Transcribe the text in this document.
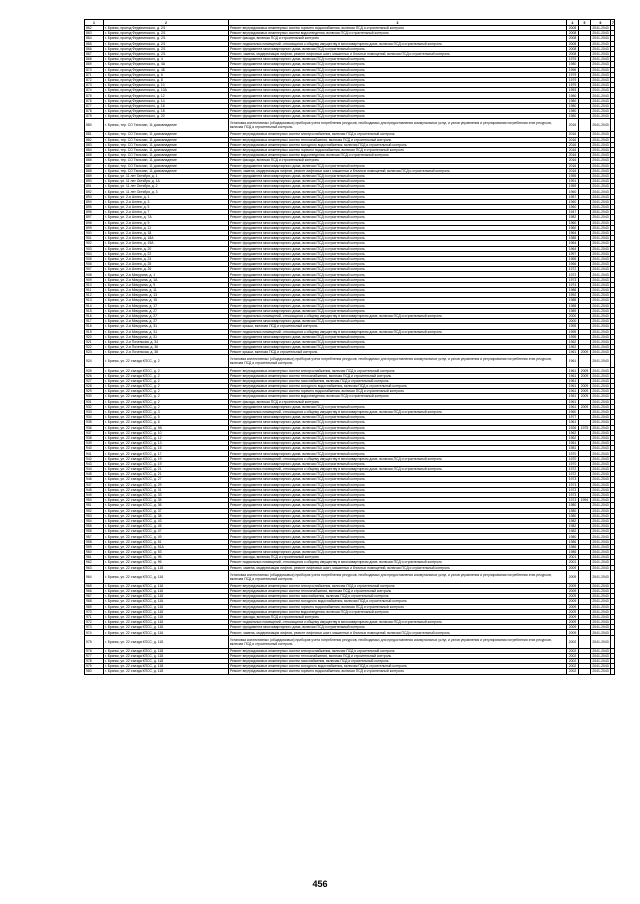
1	2	3	4	5	6	7
862	г. Брянск, проезд Федюнинского, д. 2/1	Ремонт внутридомовых инженерных систем горячего водоснабжения, включая ПСД и строительный контроль	2008		2041-2043	
863	г. Брянск, проезд Федюнинского, д. 2/1	Ремонт внутридомовых инженерных систем водоотведения, включая ПСД и строительный контроль	2008		2041-2043	
864	г. Брянск, проезд Федюнинского, д. 2/1	Ремонт фасада, включая ПСД и строительный контроль	2008		2041-2043	
865	г. Брянск, проезд Федюнинского, д. 2/1	Ремонт подвальных помещений, относящихся к общему имуществу в многоквартирном доме, включая ПСД и строительный контроль	2008		2041-2043	
866	г. Брянск, проезд Федюнинского, д. 2/1	Ремонт фундамента многоквартирного дома, включая ПСД и строительный контроль	2008		2041-2043	
867	г. Брянск, проезд Федюнинского, д. 2/1	Ремонт, замена, модернизация лифтов, ремонт лифтовых шахт, машинных и блочных помещений, включая ПСД и строительный контроль	2008		2041-2043	
868	г. Брянск, проезд Федюнинского, д. 4	Ремонт фундамента многоквартирного дома, включая ПСД и строительный контроль	1976		2041-2043	
869	г. Брянск, проезд Федюнинского, д. 4А	Ремонт фундамента многоквартирного дома, включая ПСД и строительный контроль	1980		2041-2043	
870	г. Брянск, проезд Федюнинского, д. 4Б	Ремонт фундамента многоквартирного дома, включая ПСД и строительный контроль	1996		2041-2043	
871	г. Брянск, проезд Федюнинского, д. 6	Ремонт фундамента многоквартирного дома, включая ПСД и строительный контроль	1979		2041-2043	
872	г. Брянск, проезд Федюнинского, д. 8	Ремонт фундамента многоквартирного дома, включая ПСД и строительный контроль	1979		2041-2043	
873	г. Брянск, проезд Федюнинского, д. 10	Ремонт фундамента многоквартирного дома, включая ПСД и строительный контроль	1979		2041-2043	
874	г. Брянск, проезд Федюнинского, д. 10А	Ремонт фундамента многоквартирного дома, включая ПСД и строительный контроль	1993		2041-2043	
875	г. Брянск, проезд Федюнинского, д. 12	Ремонт фундамента многоквартирного дома, включая ПСД и строительный контроль	1980		2041-2043	
876	г. Брянск, проезд Федюнинского, д. 14	Ремонт фундамента многоквартирного дома, включая ПСД и строительный контроль	1980		2041-2043	
877	г. Брянск, проезд Федюнинского, д. 16	Ремонт фундамента многоквартирного дома, включая ПСД и строительный контроль	1980		2041-2043	
878	г. Брянск, проезд Федюнинского, д. 18	Ремонт фундамента многоквартирного дома, включая ПСД и строительный контроль	1980		2041-2043	
879	г. Брянск, проезд Федюнинского, д. 20	Ремонт фундамента многоквартирного дома, включая ПСД и строительный контроль	1980		2041-2043	
880	г. Брянск, тер. СО Тюльпан, 11 домовладение	Установка коллективных (общедомовых) приборов учета потребления ресурсов, необходимых для предоставления коммунальных услуг, и узлов управления и регулирования потребления этих ресурсов, включая ПСД и строительный контроль	2016		2041-2043	
881	г. Брянск, тер. СО Тюльпан, 11 домовладение	Ремонт внутридомовых инженерных систем электроснабжения, включая ПСД и строительный контроль	2016		2041-2043	
882	г. Брянск, тер. СО Тюльпан, 11 домовладение	Ремонт внутридомовых инженерных систем теплоснабжения, включая ПСД и строительный контроль	2016		2041-2043	
883	г. Брянск, тер. СО Тюльпан, 11 домовладение	Ремонт внутридомовых инженерных систем холодного водоснабжения, включая ПСД и строительный контроль	2016		2041-2043	
884	г. Брянск, тер. СО Тюльпан, 11 домовладение	Ремонт внутридомовых инженерных систем горячего водоснабжения, включая ПСД и строительный контроль	2016		2041-2043	
885	г. Брянск, тер. СО Тюльпан, 11 домовладение	Ремонт внутридомовых инженерных систем водоотведения, включая ПСД и строительный контроль	2016		2041-2043	
886	г. Брянск, тер. СО Тюльпан, 11 домовладение	Ремонт фасада, включая ПСД и строительный контроль	2016		2041-2043	
887	г. Брянск, тер. СО Тюльпан, 11 домовладение	Ремонт фундамента многоквартирного дома, включая ПСД и строительный контроль	2016		2041-2043	
888	г. Брянск, тер. СО Тюльпан, 11 домовладение	Ремонт, замена, модернизация лифтов, ремонт лифтовых шахт, машинных и блочных помещений, включая ПСД и строительный контроль	2016		2041-2043	
889	г. Брянск, ул. 11 лет Октября, д. 1	Ремонт фундамента многоквартирного дома, включая ПСД и строительный контроль	1955		2041-2043	
890	г. Брянск, ул. 11 лет Октября, д. 1А	Ремонт фундамента многоквартирного дома, включая ПСД и строительный контроль	1991		2041-2043	
891	г. Брянск, ул. 11 лет Октября, д. 2	Ремонт фундамента многоквартирного дома, включая ПСД и строительный контроль	1959		2041-2043	
892	г. Брянск, ул. 11 лет Октября, д. 3	Ремонт фундамента многоквартирного дома, включая ПСД и строительный контроль	1960		2041-2043	
893	г. Брянск, ул. 2-я Аллея, д. 1	Ремонт фундамента многоквартирного дома, включая ПСД и строительный контроль	1957		2041-2043	
894	г. Брянск, ул. 2-я Аллея, д. 3	Ремонт фундамента многоквартирного дома, включая ПСД и строительный контроль	1960		2041-2043	
895	г. Брянск, ул. 2-я Аллея, д. 5	Ремонт фундамента многоквартирного дома, включая ПСД и строительный контроль	1960		2041-2043	
896	г. Брянск, ул. 2-я Аллея, д. 7	Ремонт фундамента многоквартирного дома, включая ПСД и строительный контроль	1947		2041-2043	
897	г. Брянск, ул. 2-я Аллея, д. 7А	Ремонт фундамента многоквартирного дома, включая ПСД и строительный контроль	1982		2041-2043	
898	г. Брянск, ул. 2-я Аллея, д. 9	Ремонт фундамента многоквартирного дома, включая ПСД и строительный контроль	1960		2041-2043	
899	г. Брянск, ул. 2-я Аллея, д. 11	Ремонт фундамента многоквартирного дома, включая ПСД и строительный контроль	1960		2041-2043	
900	г. Брянск, ул. 2-я Аллея, д. 18	Ремонт фундамента многоквартирного дома, включая ПСД и строительный контроль	1964		2041-2043	
901	г. Брянск, ул. 2-я Аллея, д. 18А	Ремонт фундамента многоквартирного дома, включая ПСД и строительный контроль	1985		2041-2043	
902	г. Брянск, ул. 2-я Аллея, д. 19А	Ремонт фундамента многоквартирного дома, включая ПСД и строительный контроль	1964		2041-2043	
903	г. Брянск, ул. 2-я Аллея, д. 20	Ремонт фундамента многоквартирного дома, включая ПСД и строительный контроль	1964		2041-2043	
904	г. Брянск, ул. 2-я Аллея, д. 22	Ремонт фундамента многоквартирного дома, включая ПСД и строительный контроль	1997		2041-2043	
905	г. Брянск, ул. 2-я Аллея, д. 24	Ремонт фундамента многоквартирного дома, включая ПСД и строительный контроль	1965		2041-2043	
906	г. Брянск, ул. 2-я Аллея, д. 25	Ремонт фундамента многоквартирного дома, включая ПСД и строительный контроль	1966		2041-2043	
907	г. Брянск, ул. 2-я Аллея, д. 26	Ремонт фундамента многоквартирного дома, включая ПСД и строительный контроль	1972		2041-2043	
908	г. Брянск, ул. 2-я Мичурина, д. 1	Ремонт фундамента многоквартирного дома, включая ПСД и строительный контроль	1972		2041-2043	
909	г. Брянск, ул. 2-я Мичурина, д. 1А	Ремонт фундамента многоквартирного дома, включая ПСД и строительный контроль	1973		2041-2043	
910	г. Брянск, ул. 2-я Мичурина, д. 9	Ремонт фундамента многоквартирного дома, включая ПСД и строительный контроль	1974		2041-2043	
911	г. Брянск, ул. 2-я Мичурина, д. 11	Ремонт фундамента многоквартирного дома, включая ПСД и строительный контроль	1988		2041-2043	
912	г. Брянск, ул. 2-я Мичурина, д. 13	Ремонт фундамента многоквартирного дома, включая ПСД и строительный контроль	1992		2041-2043	
913	г. Брянск, ул. 2-я Мичурина, д. 15	Ремонт фундамента многоквартирного дома, включая ПСД и строительный контроль	1988		2041-2043	
914	г. Брянск, ул. 2-я Мичурина, д. 17	Ремонт фундамента многоквартирного дома, включая ПСД и строительный контроль	1988		2041-2043	
915	г. Брянск, ул. 2-я Мичурина, д. 27	Ремонт фундамента многоквартирного дома, включая ПСД и строительный контроль	1989		2041-2043	
916	г. Брянск, ул. 2-я Мичурина, д. 27	Ремонт подвальных помещений, относящихся к общему имуществу в многоквартирном доме, включая ПСД и строительный контроль	2000		2041-2043	
917	г. Брянск, ул. 2-я Мичурина, д. 27	Ремонт фундамента многоквартирного дома, включая ПСД и строительный контроль	2000		2041-2043	
918	г. Брянск, ул. 2-я Мичурина, д. 31	Ремонт крыши, включая ПСД и строительный контроль	1995		2041-2043	
919	г. Брянск, ул. 2-я Мичурина, д. 31	Ремонт подвальных помещений, относящихся к общему имуществу в многоквартирном доме, включая ПСД и строительный контроль	1995		2041-2043	
920	г. Брянск, ул. 2-я Мичурина, д. 31	Ремонт фундамента многоквартирного дома, включая ПСД и строительный контроль	1995		2041-2043	
921	г. Брянск, ул. 2-я Почепская, д. 34	Ремонт фундамента многоквартирного дома, включая ПСД и строительный контроль	1962		2041-2043	
922	г. Брянск, ул. 2-я Почепская, д. 36	Ремонт фундамента многоквартирного дома, включая ПСД и строительный контроль	1962		2041-2043	
923	г. Брянск, ул. 2-я Почепская, д. 38	Ремонт крыши, включая ПСД и строительный контроль	1961	2009	2041-2043	
924	г. Брянск, ул. 22 съезда КПСС, д. 2	Установка коллективных (общедомовых) приборов учета потребления ресурсов, необходимых для предоставления коммунальных услуг, и узлов управления и регулирования потребления этих ресурсов, включая ПСД и строительный контроль	1961		2041-2043	
925	г. Брянск, ул. 22 съезда КПСС, д. 2	Ремонт внутридомовых инженерных систем электроснабжения, включая ПСД и строительный контроль	1961	2009	2041-2043	
926	г. Брянск, ул. 22 съезда КПСС, д. 2	Ремонт внутридомовых инженерных систем теплоснабжения, включая ПСД и строительный контроль	1961	2009	2041-2043	
927	г. Брянск, ул. 22 съезда КПСС, д. 2	Ремонт внутридомовых инженерных систем газоснабжения, включая ПСД и строительный контроль	1961		2041-2043	
928	г. Брянск, ул. 22 съезда КПСС, д. 2	Ремонт внутридомовых инженерных систем холодного водоснабжения, включая ПСД и строительный контроль	1961	2009	2041-2043	
929	г. Брянск, ул. 22 съезда КПСС, д. 2	Ремонт внутридомовых инженерных систем горячего водоснабжения, включая ПСД и строительный контроль	1961	2009	2041-2043	
930	г. Брянск, ул. 22 съезда КПСС, д. 2	Ремонт внутридомовых инженерных систем водоотведения, включая ПСД и строительный контроль	1961	2009	2041-2043	
931	г. Брянск, ул. 22 съезда КПСС, д. 2	Ремонт фасада, включая ПСД и строительный контроль	1961		2041-2043	
932	г. Брянск, ул. 22 съезда КПСС, д. 2	Ремонт фундамента многоквартирного дома, включая ПСД и строительный контроль	1961	2009	2041-2043	
933	г. Брянск, ул. 22 съезда КПСС, д. 3	Ремонт подвальных помещений, относящихся к общему имуществу в многоквартирном доме, включая ПСД и строительный контроль	1960		2041-2043	
934	г. Брянск, ул. 22 съезда КПСС, д. 5	Ремонт фундамента многоквартирного дома, включая ПСД и строительный контроль	1977		2041-2043	
935	г. Брянск, ул. 22 съезда КПСС, д. 6	Ремонт фундамента многоквартирного дома, включая ПСД и строительный контроль	1961		2041-2043	
936	г. Брянск, ул. 22 съезда КПСС, д. 9А	Ремонт фундамента многоквартирного дома, включая ПСД и строительный контроль	1926	1975	2041-2043	
937	г. Брянск, ул. 22 съезда КПСС, д. 10	Ремонт фундамента многоквартирного дома, включая ПСД и строительный контроль	1962		2041-2043	
938	г. Брянск, ул. 22 съезда КПСС, д. 12	Ремонт фундамента многоквартирного дома, включая ПСД и строительный контроль	1962		2041-2043	
939	г. Брянск, ул. 22 съезда КПСС, д. 13	Ремонт фундамента многоквартирного дома, включая ПСД и строительный контроль	1961		2041-2043	
940	г. Брянск, ул. 22 съезда КПСС, д. 15	Ремонт фундамента многоквартирного дома, включая ПСД и строительный контроль	1981		2041-2043	
941	г. Брянск, ул. 22 съезда КПСС, д. 17	Ремонт фундамента многоквартирного дома, включая ПСД и строительный контроль	1970		2041-2043	
942	г. Брянск, ул. 22 съезда КПСС, д. 19	Ремонт подвальных помещений, относящихся к общему имуществу в многоквартирном доме, включая ПСД и строительный контроль	1970		2041-2043	
943	г. Брянск, ул. 22 съезда КПСС, д. 19	Ремонт фундамента многоквартирного дома, включая ПСД и строительный контроль	1970		2041-2043	
944	г. Брянск, ул. 22 съезда КПСС, д. 21	Ремонт подвальных помещений, относящихся к общему имуществу в многоквартирном доме, включая ПСД и строительный контроль	1972		2041-2043	
945	г. Брянск, ул. 22 съезда КПСС, д. 21	Ремонт фундамента многоквартирного дома, включая ПСД и строительный контроль	1972		2041-2043	
946	г. Брянск, ул. 22 съезда КПСС, д. 27	Ремонт фундамента многоквартирного дома, включая ПСД и строительный контроль	1973		2041-2043	
947	г. Брянск, ул. 22 съезда КПСС, д. 29	Ремонт фундамента многоквартирного дома, включая ПСД и строительный контроль	1973		2041-2043	
948	г. Брянск, ул. 22 съезда КПСС, д. 31	Ремонт фундамента многоквартирного дома, включая ПСД и строительный контроль	1973		2041-2043	
949	г. Брянск, ул. 22 съезда КПСС, д. 33	Ремонт фундамента многоквартирного дома, включая ПСД и строительный контроль	1973		2041-2043	
950	г. Брянск, ул. 22 съезда КПСС, д. 35	Ремонт фундамента многоквартирного дома, включая ПСД и строительный контроль	1973	1994	2041-2043	
951	г. Брянск, ул. 22 съезда КПСС, д. 36	Ремонт фундамента многоквартирного дома, включая ПСД и строительный контроль	1980		2041-2043	
952	г. Брянск, ул. 22 съезда КПСС, д. 37	Ремонт фундамента многоквартирного дома, включая ПСД и строительный контроль	1980		2041-2043	
953	г. Брянск, ул. 22 съезда КПСС, д. 38	Ремонт фундамента многоквартирного дома, включая ПСД и строительный контроль	1980		2041-2043	
954	г. Брянск, ул. 22 съезда КПСС, д. 43	Ремонт фундамента многоквартирного дома, включая ПСД и строительный контроль	1982		2041-2043	
955	г. Брянск, ул. 22 съезда КПСС, д. 45	Ремонт фундамента многоквартирного дома, включая ПСД и строительный контроль	1982		2041-2043	
956	г. Брянск, ул. 22 съезда КПСС, д. 47	Ремонт фундамента многоквартирного дома, включая ПСД и строительный контроль	1982		2041-2043	
957	г. Брянск, ул. 22 съезда КПСС, д. 49	Ремонт фундамента многоквартирного дома, включая ПСД и строительный контроль	1980		2041-2043	
958	г. Брянск, ул. 22 съезда КПСС, д. 51	Ремонт фундамента многоквартирного дома, включая ПСД и строительный контроль	1986		2041-2043	
959	г. Брянск, ул. 22 съезда КПСС, д. 51А	Ремонт фундамента многоквартирного дома, включая ПСД и строительный контроль	1986		2041-2043	
960	г. Брянск, ул. 22 съезда КПСС, д. 53	Ремонт фундамента многоквартирного дома, включая ПСД и строительный контроль	1986		2041-2043	
961	г. Брянск, ул. 22 съезда КПСС, д. 96	Ремонт фасада, включая ПСД и строительный контроль	2001		2041-2043	
962	г. Брянск, ул. 22 съезда КПСС, д. 96	Ремонт подвальных помещений, относящихся к общему имуществу в многоквартирном доме, включая ПСД и строительный контроль	2001		2041-2043	
963	г. Брянск, ул. 22 съезда КПСС, д. 116	Ремонт, замена, модернизация лифтов, ремонт лифтовых шахт, машинных и блочных помещений, включая ПСД и строительный контроль	2009		2041-2043	
964	г. Брянск, ул. 22 съезда КПСС, д. 116	Установка коллективных (общедомовых) приборов учета потребления ресурсов, необходимых для предоставления коммунальных услуг, и узлов управления и регулирования потребления этих ресурсов, включая ПСД и строительный контроль	2009		2041-2043	
965	г. Брянск, ул. 22 съезда КПСС, д. 116	Ремонт внутридомовых инженерных систем электроснабжения, включая ПСД и строительный контроль	2009		2041-2043	
966	г. Брянск, ул. 22 съезда КПСС, д. 116	Ремонт внутридомовых инженерных систем теплоснабжения, включая ПСД и строительный контроль	2009		2041-2043	
967	г. Брянск, ул. 22 съезда КПСС, д. 116	Ремонт внутридомовых инженерных систем газоснабжения, включая ПСД и строительный контроль	2009		2041-2043	
968	г. Брянск, ул. 22 съезда КПСС, д. 116	Ремонт внутридомовых инженерных систем холодного водоснабжения, включая ПСД и строительный контроль	2009		2041-2043	
969	г. Брянск, ул. 22 съезда КПСС, д. 116	Ремонт внутридомовых инженерных систем горячего водоснабжения, включая ПСД и строительный контроль	2009		2041-2043	
970	г. Брянск, ул. 22 съезда КПСС, д. 116	Ремонт внутридомовых инженерных систем водоотведения, включая ПСД и строительный контроль	2009		2041-2043	
971	г. Брянск, ул. 22 съезда КПСС, д. 116	Ремонт фасада, включая ПСД и строительный контроль	2009		2041-2043	
972	г. Брянск, ул. 22 съезда КПСС, д. 116	Ремонт подвальных помещений, относящихся к общему имуществу в многоквартирном доме, включая ПСД и строительный контроль	2009		2041-2043	
973	г. Брянск, ул. 22 съезда КПСС, д. 116	Ремонт фундамента многоквартирного дома, включая ПСД и строительный контроль	2009		2041-2043	
974	г. Брянск, ул. 22 съезда КПСС, д. 116	Ремонт, замена, модернизация лифтов, ремонт лифтовых шахт, машинных и блочных помещений, включая ПСД и строительный контроль	2009		2041-2043	
975	г. Брянск, ул. 22 съезда КПСС, д. 118	Установка коллективных (общедомовых) приборов учета потребления ресурсов, необходимых для предоставления коммунальных услуг, и узлов управления и регулирования потребления этих ресурсов, включая ПСД и строительный контроль	2002		2041-2043	
976	г. Брянск, ул. 22 съезда КПСС, д. 118	Ремонт внутридомовых инженерных систем электроснабжения, включая ПСД и строительный контроль	2002		2041-2043	
977	г. Брянск, ул. 22 съезда КПСС, д. 118	Ремонт внутридомовых инженерных систем теплоснабжения, включая ПСД и строительный контроль	2002		2041-2043	
978	г. Брянск, ул. 22 съезда КПСС, д. 118	Ремонт внутридомовых инженерных систем газоснабжения, включая ПСД и строительный контроль	2002		2041-2043	
979	г. Брянск, ул. 22 съезда КПСС, д. 118	Ремонт внутридомовых инженерных систем холодного водоснабжения, включая ПСД и строительный контроль	2002		2041-2043	
980	г. Брянск, ул. 22 съезда КПСС, д. 118	Ремонт внутридомовых инженерных систем горячего водоснабжения, включая ПСД и строительный контроль	2002		2041-2043	
456
